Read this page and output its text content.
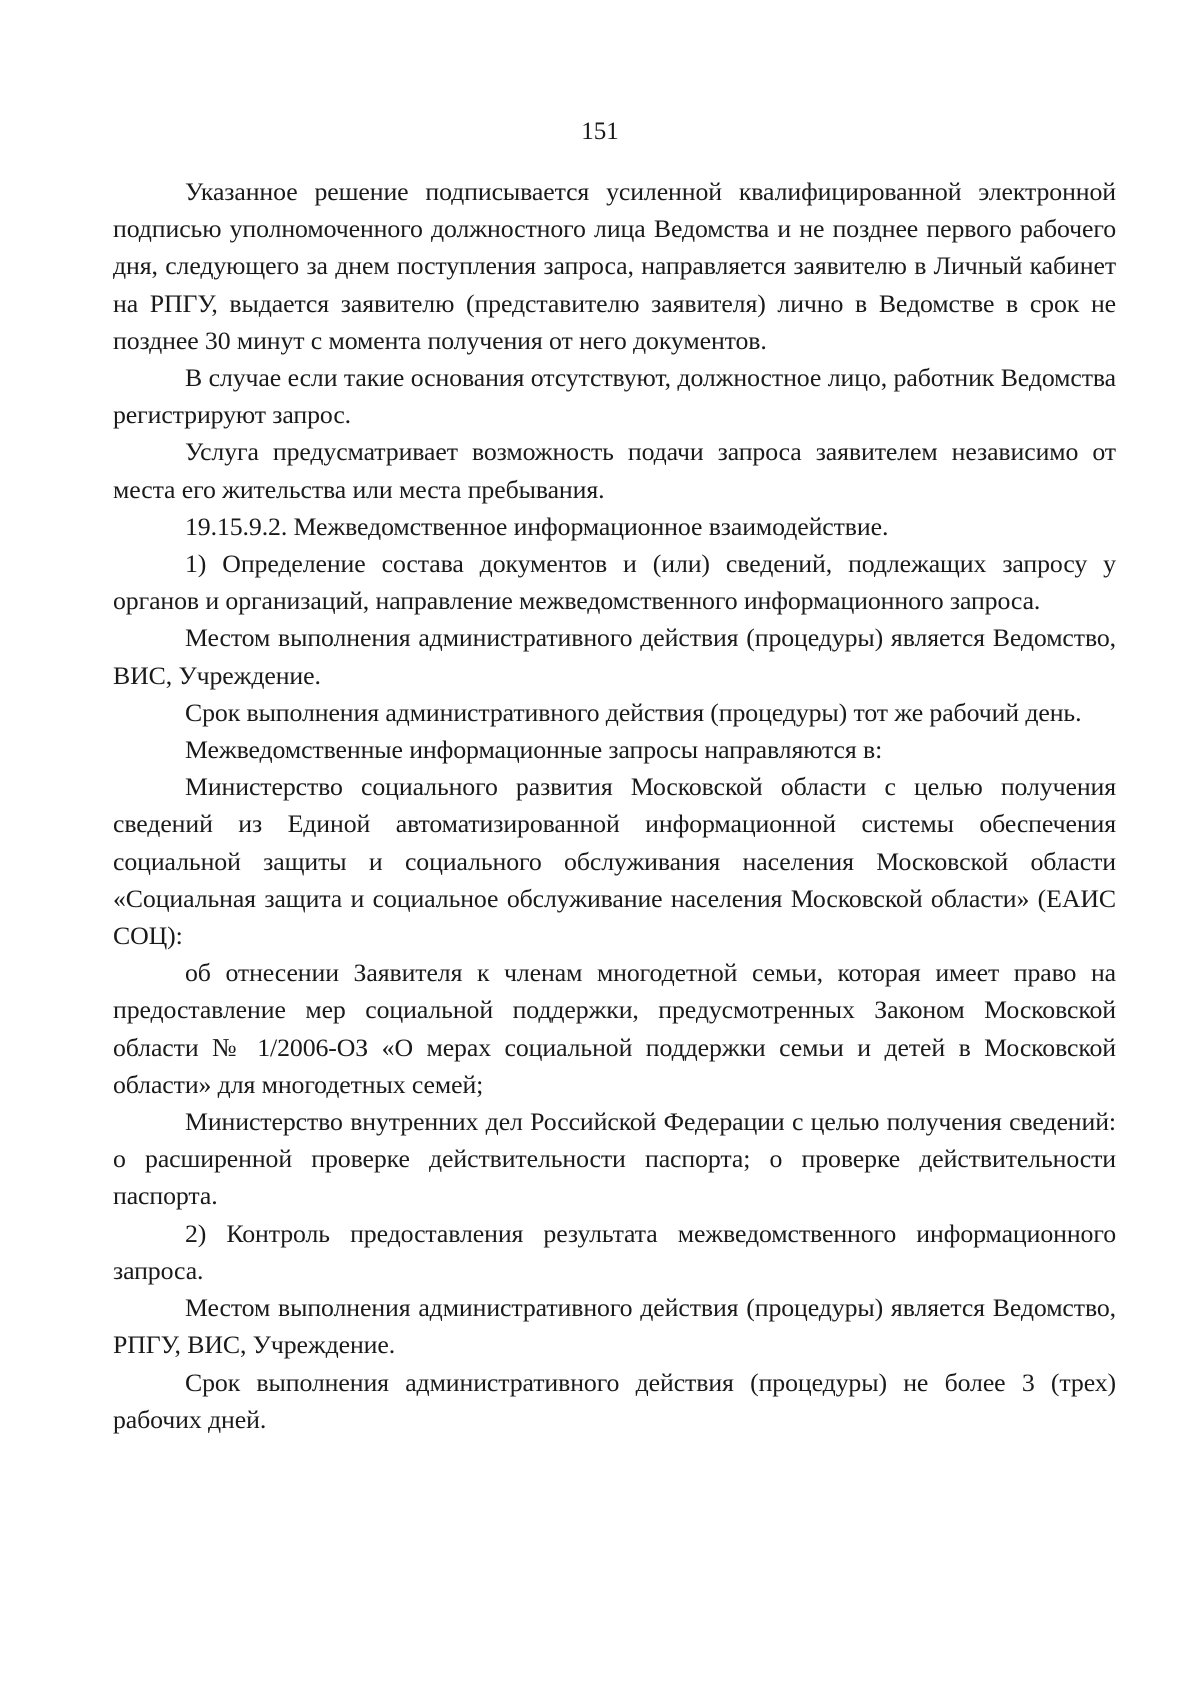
151

Указанное решение подписывается усиленной квалифицированной электронной подписью уполномоченного должностного лица Ведомства и не позднее первого рабочего дня, следующего за днем поступления запроса, направляется заявителю в Личный кабинет на РПГУ, выдается заявителю (представителю заявителя) лично в Ведомстве в срок не позднее 30 минут с момента получения от него документов.

В случае если такие основания отсутствуют, должностное лицо, работник Ведомства регистрируют запрос.

Услуга предусматривает возможность подачи запроса заявителем независимо от места его жительства или места пребывания.

19.15.9.2. Межведомственное информационное взаимодействие.

1) Определение состава документов и (или) сведений, подлежащих запросу у органов и организаций, направление межведомственного информационного запроса.

Местом выполнения административного действия (процедуры) является Ведомство, ВИС, Учреждение.

Срок выполнения административного действия (процедуры) тот же рабочий день.

Межведомственные информационные запросы направляются в:

Министерство социального развития Московской области с целью получения сведений из Единой автоматизированной информационной системы обеспечения социальной защиты и социального обслуживания населения Московской области «Социальная защита и социальное обслуживание населения Московской области» (ЕАИС СОЦ):

об отнесении Заявителя к членам многодетной семьи, которая имеет право на предоставление мер социальной поддержки, предусмотренных Законом Московской области № 1/2006-ОЗ «О мерах социальной поддержки семьи и детей в Московской области» для многодетных семей;

Министерство внутренних дел Российской Федерации с целью получения сведений: о расширенной проверке действительности паспорта; о проверке действительности паспорта.

2) Контроль предоставления результата межведомственного информационного запроса.

Местом выполнения административного действия (процедуры) является Ведомство, РПГУ, ВИС, Учреждение.

Срок выполнения административного действия (процедуры) не более 3 (трех) рабочих дней.
